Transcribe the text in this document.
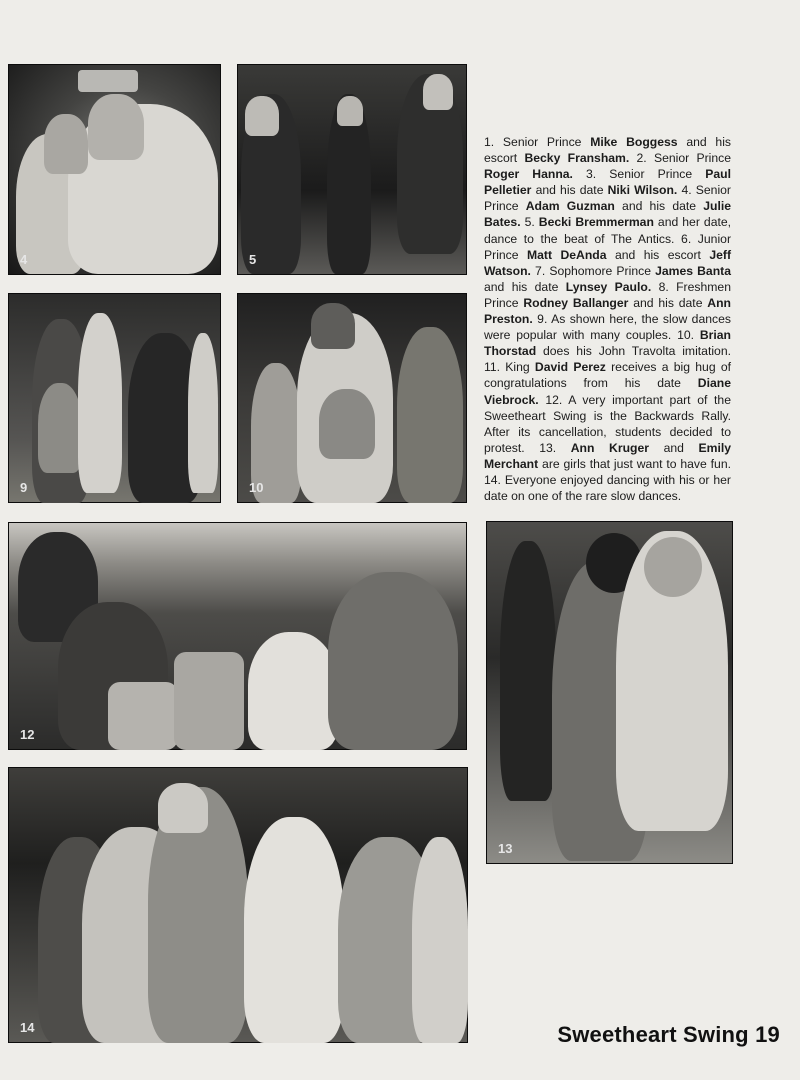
4	5
9	10
12
13
14

1. Senior Prince Mike Boggess and his escort Becky Fransham. 2. Senior Prince Roger Hanna. 3. Senior Prince Paul Pelletier and his date Niki Wilson. 4. Senior Prince Adam Guzman and his date Julie Bates. 5. Becki Bremmerman and her date, dance to the beat of The Antics. 6. Junior Prince Matt DeAnda and his escort Jeff Watson. 7. Sophomore Prince James Banta and his date Lynsey Paulo. 8. Freshmen Prince Rodney Ballanger and his date Ann Preston. 9. As shown here, the slow dances were popular with many couples. 10. Brian Thorstad does his John Travolta imitation. 11. King David Perez receives a big hug of congratulations from his date Diane Viebrock. 12. A very important part of the Sweetheart Swing is the Backwards Rally. After its cancellation, students decided to protest. 13. Ann Kruger and Emily Merchant are girls that just want to have fun. 14. Everyone enjoyed dancing with his or her date on one of the rare slow dances.

Sweetheart Swing 19
